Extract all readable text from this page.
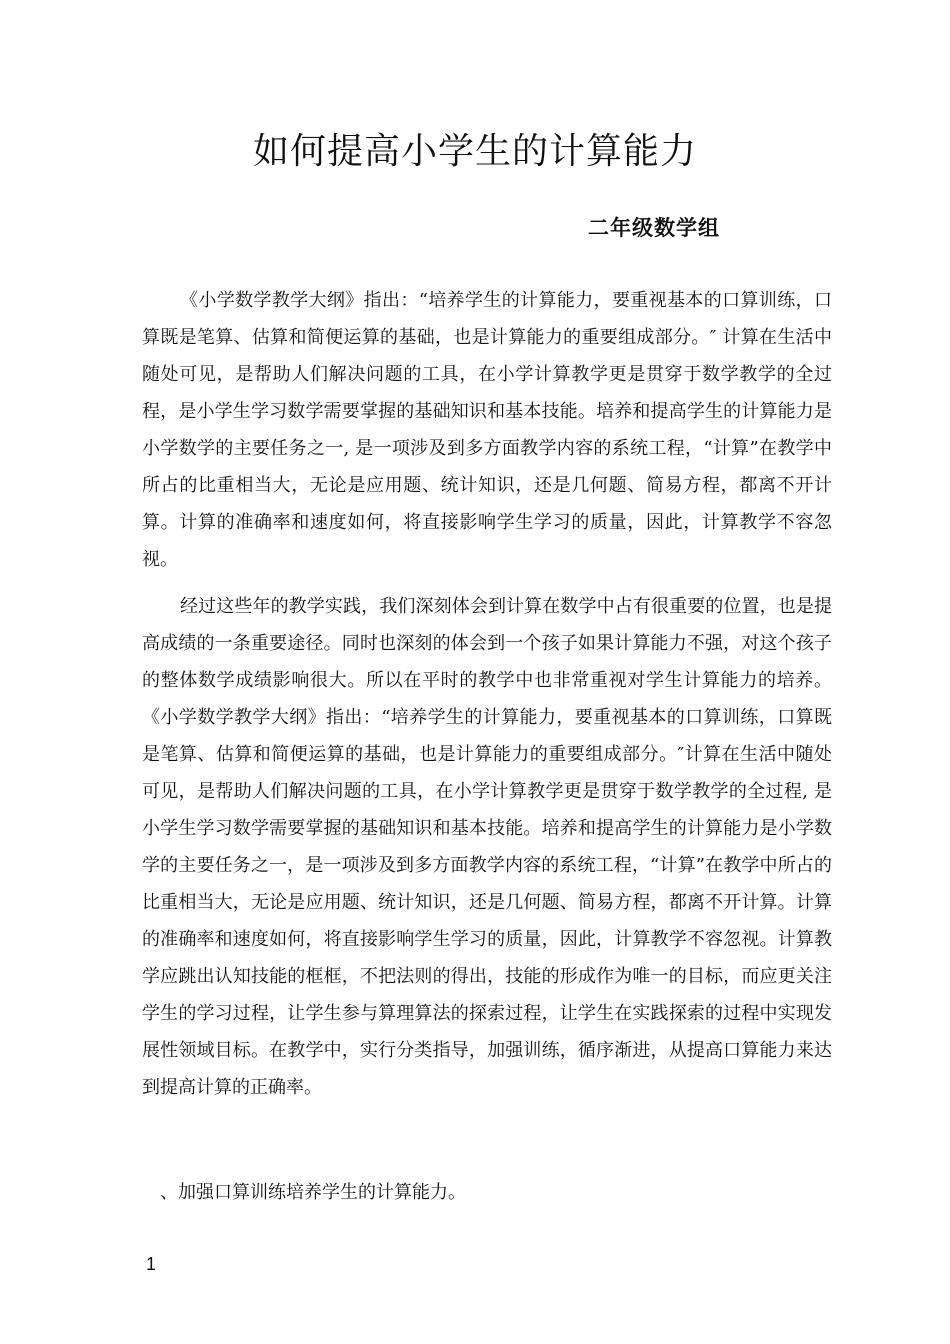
如何提高小学生的计算能力

二年级数学组

《小学数学教学大纲》指出：“培养学生的计算能力，要重视基本的口算训练，口算既是笔算、估算和简便运算的基础，也是计算能力的重要组成部分。″ 计算在生活中随处可见，是帮助人们解决问题的工具，在小学计算教学更是贯穿于数学教学的全过程，是小学生学习数学需要掌握的基础知识和基本技能。培养和提高学生的计算能力是小学数学的主要任务之一, 是一项涉及到多方面教学内容的系统工程，“计算”在教学中所占的比重相当大，无论是应用题、统计知识，还是几何题、简易方程，都离不开计算。计算的准确率和速度如何，将直接影响学生学习的质量，因此，计算教学不容忽视。

经过这些年的教学实践，我们深刻体会到计算在数学中占有很重要的位置，也是提高成绩的一条重要途径。同时也深刻的体会到一个孩子如果计算能力不强，对这个孩子的整体数学成绩影响很大。所以在平时的教学中也非常重视对学生计算能力的培养。《小学数学教学大纲》指出：“培养学生的计算能力，要重视基本的口算训练，口算既是笔算、估算和简便运算的基础，也是计算能力的重要组成部分。″计算在生活中随处可见，是帮助人们解决问题的工具，在小学计算教学更是贯穿于数学教学的全过程, 是小学生学习数学需要掌握的基础知识和基本技能。培养和提高学生的计算能力是小学数学的主要任务之一，是一项涉及到多方面教学内容的系统工程，“计算”在教学中所占的比重相当大，无论是应用题、统计知识，还是几何题、简易方程，都离不开计算。计算的准确率和速度如何，将直接影响学生学习的质量，因此，计算教学不容忽视。计算教学应跳出认知技能的框框，不把法则的得出，技能的形成作为唯一的目标，而应更关注学生的学习过程，让学生参与算理算法的探索过程，让学生在实践探索的过程中实现发展性领域目标。在教学中，实行分类指导，加强训练，循序渐进，从提高口算能力来达到提高计算的正确率。

、加强口算训练培养学生的计算能力。

1
